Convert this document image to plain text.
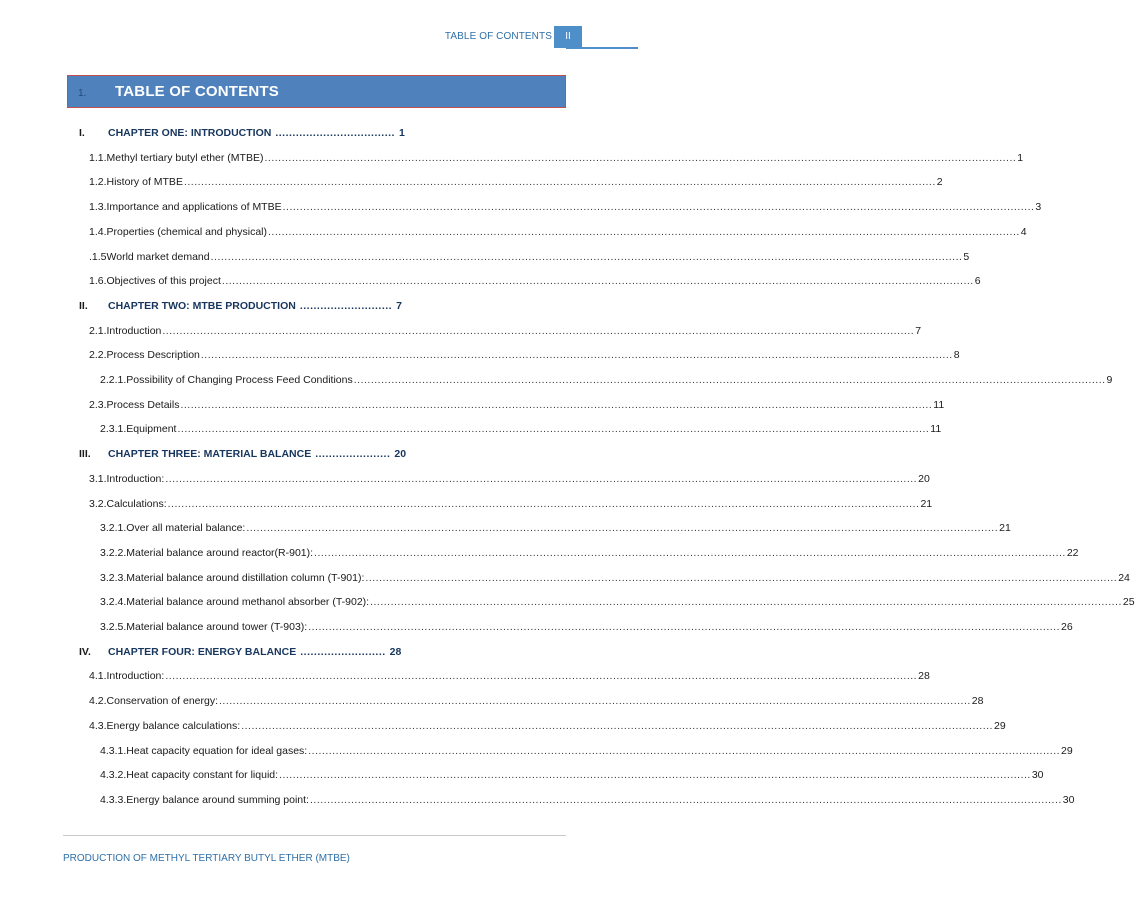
TABLE OF CONTENTS	II
1. TABLE OF CONTENTS
I.	CHAPTER ONE: INTRODUCTION ................................... 1
1.1. Methyl tertiary butyl ether (MTBE) ............................................................................................................................................................................................................................ 1
1.2. History of MTBE ............................................................................................................................................................................................................................ 2
1.3. Importance and applications of MTBE ............................................................................................................................................................................................................................ 3
1.4. Properties (chemical and physical) ............................................................................................................................................................................................................................ 4
.1.5 World market demand ............................................................................................................................................................................................................................ 5
1.6. Objectives of this project ............................................................................................................................................................................................................................ 6
II.	CHAPTER TWO: MTBE PRODUCTION ........................... 7
2.1. Introduction ............................................................................................................................................................................................................................ 7
2.2. Process Description ............................................................................................................................................................................................................................ 8
2.2.1. Possibility of Changing Process Feed Conditions ............................................................................................................................................................................................................................ 9
2.3. Process Details ............................................................................................................................................................................................................................ 11
2.3.1. Equipment ............................................................................................................................................................................................................................ 11
III.	CHAPTER THREE: MATERIAL BALANCE ...................... 20
3.1. Introduction: ............................................................................................................................................................................................................................ 20
3.2. Calculations: ............................................................................................................................................................................................................................ 21
3.2.1. Over all material balance: ............................................................................................................................................................................................................................ 21
3.2.2. Material balance around reactor(R-901): ............................................................................................................................................................................................................................ 22
3.2.3. Material balance around distillation column (T-901): ............................................................................................................................................................................................................................ 24
3.2.4. Material balance around methanol absorber (T-902): ............................................................................................................................................................................................................................ 25
3.2.5. Material balance around tower (T-903): ............................................................................................................................................................................................................................ 26
IV.	CHAPTER FOUR: ENERGY BALANCE ......................... 28
4.1. Introduction: ............................................................................................................................................................................................................................ 28
4.2. Conservation of energy: ............................................................................................................................................................................................................................ 28
4.3. Energy balance calculations: ............................................................................................................................................................................................................................ 29
4.3.1. Heat capacity equation for ideal gases: ............................................................................................................................................................................................................................ 29
4.3.2. Heat capacity constant for liquid: ............................................................................................................................................................................................................................ 30
4.3.3. Energy balance around summing point: ............................................................................................................................................................................................................................ 30
PRODUCTION OF METHYL TERTIARY BUTYL ETHER (MTBE)
